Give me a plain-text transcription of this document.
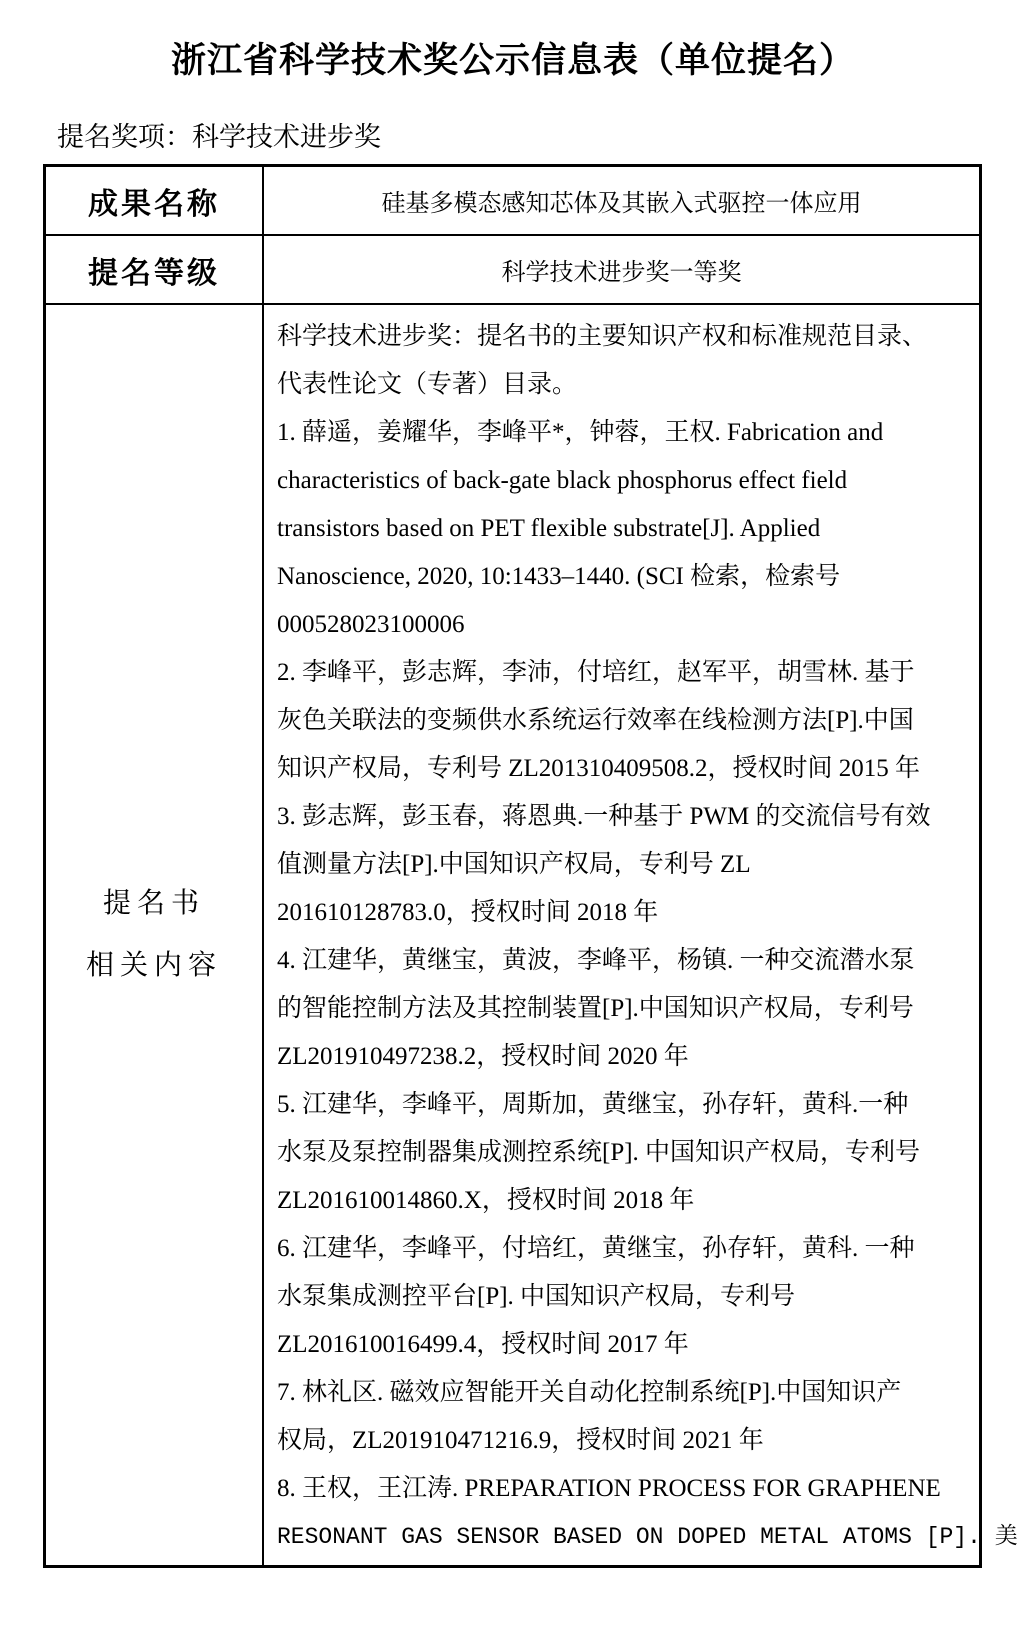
浙江省科学技术奖公示信息表（单位提名）
提名奖项：科学技术进步奖
成果名称	硅基多模态感知芯体及其嵌入式驱控一体应用
提名等级	科学技术进步奖一等奖
提名书
相关内容
科学技术进步奖：提名书的主要知识产权和标准规范目录、
代表性论文（专著）目录。
1. 薛遥，姜耀华，李峰平*，钟蓉，王权. Fabrication and
characteristics of back-gate black phosphorus effect field
transistors based on PET flexible substrate[J]. Applied
Nanoscience, 2020, 10:1433–1440. (SCI 检索，检索号
000528023100006
2. 李峰平，彭志辉，李沛，付培红，赵军平，胡雪林. 基于
灰色关联法的变频供水系统运行效率在线检测方法[P].中国
知识产权局，专利号 ZL201310409508.2，授权时间 2015 年
3. 彭志辉，彭玉春，蒋恩典.一种基于 PWM 的交流信号有效
值测量方法[P].中国知识产权局，专利号 ZL
201610128783.0，授权时间 2018 年
4. 江建华，黄继宝，黄波，李峰平，杨镇. 一种交流潜水泵
的智能控制方法及其控制装置[P].中国知识产权局，专利号
ZL201910497238.2，授权时间 2020 年
5. 江建华，李峰平，周斯加，黄继宝，孙存轩，黄科.一种
水泵及泵控制器集成测控系统[P]. 中国知识产权局，专利号
ZL201610014860.X，授权时间 2018 年
6. 江建华，李峰平，付培红，黄继宝，孙存轩，黄科. 一种
水泵集成测控平台[P]. 中国知识产权局，专利号
ZL201610016499.4，授权时间 2017 年
7. 林礼区. 磁效应智能开关自动化控制系统[P].中国知识产
权局，ZL201910471216.9，授权时间 2021 年
8. 王权，王江涛. PREPARATION PROCESS FOR GRAPHENE
RESONANT GAS SENSOR BASED ON DOPED METAL ATOMS [P]. 美
